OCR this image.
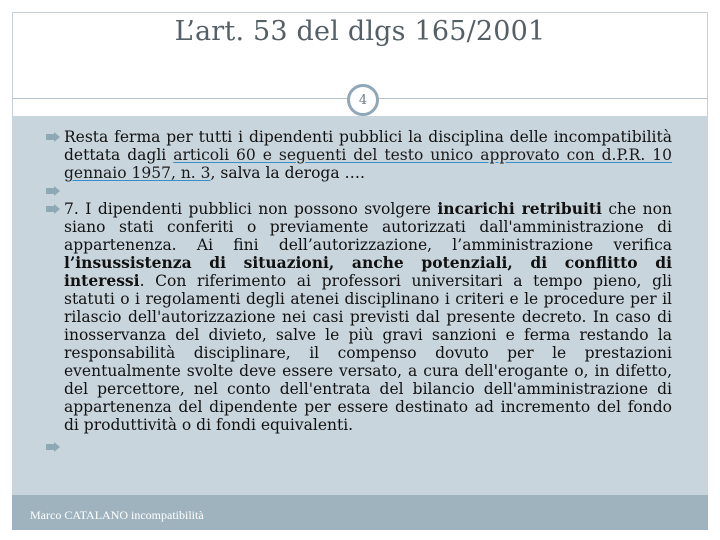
L’art. 53 del dlgs 165/2001
4
Resta ferma per tutti i dipendenti pubblici la disciplina delle incompatibilità dettata dagli articoli 60 e seguenti del testo unico approvato con d.P.R. 10 gennaio 1957, n. 3, salva la deroga ….
7. I dipendenti pubblici non possono svolgere incarichi retribuiti che non siano stati conferiti o previamente autorizzati dall'amministrazione di appartenenza. Ai fini dell’autorizzazione, l’amministrazione verifica l’insussistenza di situazioni, anche potenziali, di conflitto di interessi. Con riferimento ai professori universitari a tempo pieno, gli statuti o i regolamenti degli atenei disciplinano i criteri e le procedure per il rilascio dell'autorizzazione nei casi previsti dal presente decreto. In caso di inosservanza del divieto, salve le più gravi sanzioni e ferma restando la responsabilità disciplinare, il compenso dovuto per le prestazioni eventualmente svolte deve essere versato, a cura dell'erogante o, in difetto, del percettore, nel conto dell'entrata del bilancio dell'amministrazione di appartenenza del dipendente per essere destinato ad incremento del fondo di produttività o di fondi equivalenti.
Marco CATALANO incompatibilità
